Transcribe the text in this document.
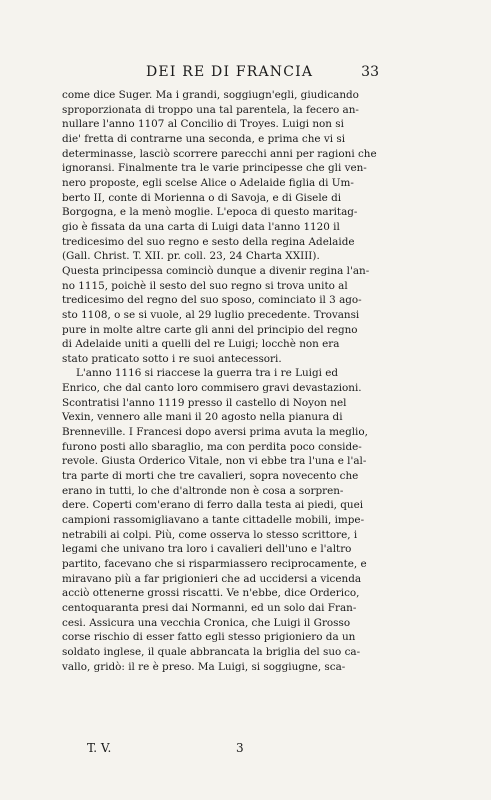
DEI RE DI FRANCIA	33
come dice Suger. Ma i grandi, soggiugn'egli, giudicando
sproporzionata di troppo una tal parentela, la fecero an-
nullare l'anno 1107 al Concilio di Troyes. Luigi non si
die' fretta di contrarne una seconda, e prima che vi si
determinasse, lasciò scorrere parecchi anni per ragioni che
ignoransi. Finalmente tra le varie principesse che gli ven-
nero proposte, egli scelse Alice o Adelaide figlia di Um-
berto II, conte di Morienna o di Savoja, e di Gisele di
Borgogna, e la menò moglie. L'epoca di questo maritag-
gio è fissata da una carta di Luigi data l'anno 1120 il
tredicesimo del suo regno e sesto della regina Adelaide
(Gall. Christ. T. XII. pr. coll. 23, 24 Charta XXIII).
Questa principessa cominciò dunque a divenir regina l'an-
no 1115, poichè il sesto del suo regno si trova unito al
tredicesimo del regno del suo sposo, cominciato il 3 ago-
sto 1108, o se si vuole, al 29 luglio precedente. Trovansi
pure in molte altre carte gli anni del principio del regno
di Adelaide uniti a quelli del re Luigi; locchè non era
stato praticato sotto i re suoi antecessori.
L'anno 1116 si riaccese la guerra tra i re Luigi ed
Enrico, che dal canto loro commisero gravi devastazioni.
Scontratisi l'anno 1119 presso il castello di Noyon nel
Vexin, vennero alle mani il 20 agosto nella pianura di
Brenneville. I Francesi dopo aversi prima avuta la meglio,
furono posti allo sbaraglio, ma con perdita poco conside-
revole. Giusta Orderico Vitale, non vi ebbe tra l'una e l'al-
tra parte di morti che tre cavalieri, sopra novecento che
erano in tutti, lo che d'altronde non è cosa a sorpren-
dere. Coperti com'erano di ferro dalla testa ai piedi, quei
campioni rassomigliavano a tante cittadelle mobili, impe-
netrabili ai colpi. Più, come osserva lo stesso scrittore, i
legami che univano tra loro i cavalieri dell'uno e l'altro
partito, facevano che si risparmiassero reciprocamente, e
miravano più a far prigionieri che ad uccidersi a vicenda
acciò ottenerne grossi riscatti. Ve n'ebbe, dice Orderico,
centoquaranta presi dai Normanni, ed un solo dai Fran-
cesi. Assicura una vecchia Cronica, che Luigi il Grosso
corse rischio di esser fatto egli stesso prigioniero da un
soldato inglese, il quale abbrancata la briglia del suo ca-
vallo, gridò: il re è preso. Ma Luigi, si soggiugne, sca-
T. V.	3
